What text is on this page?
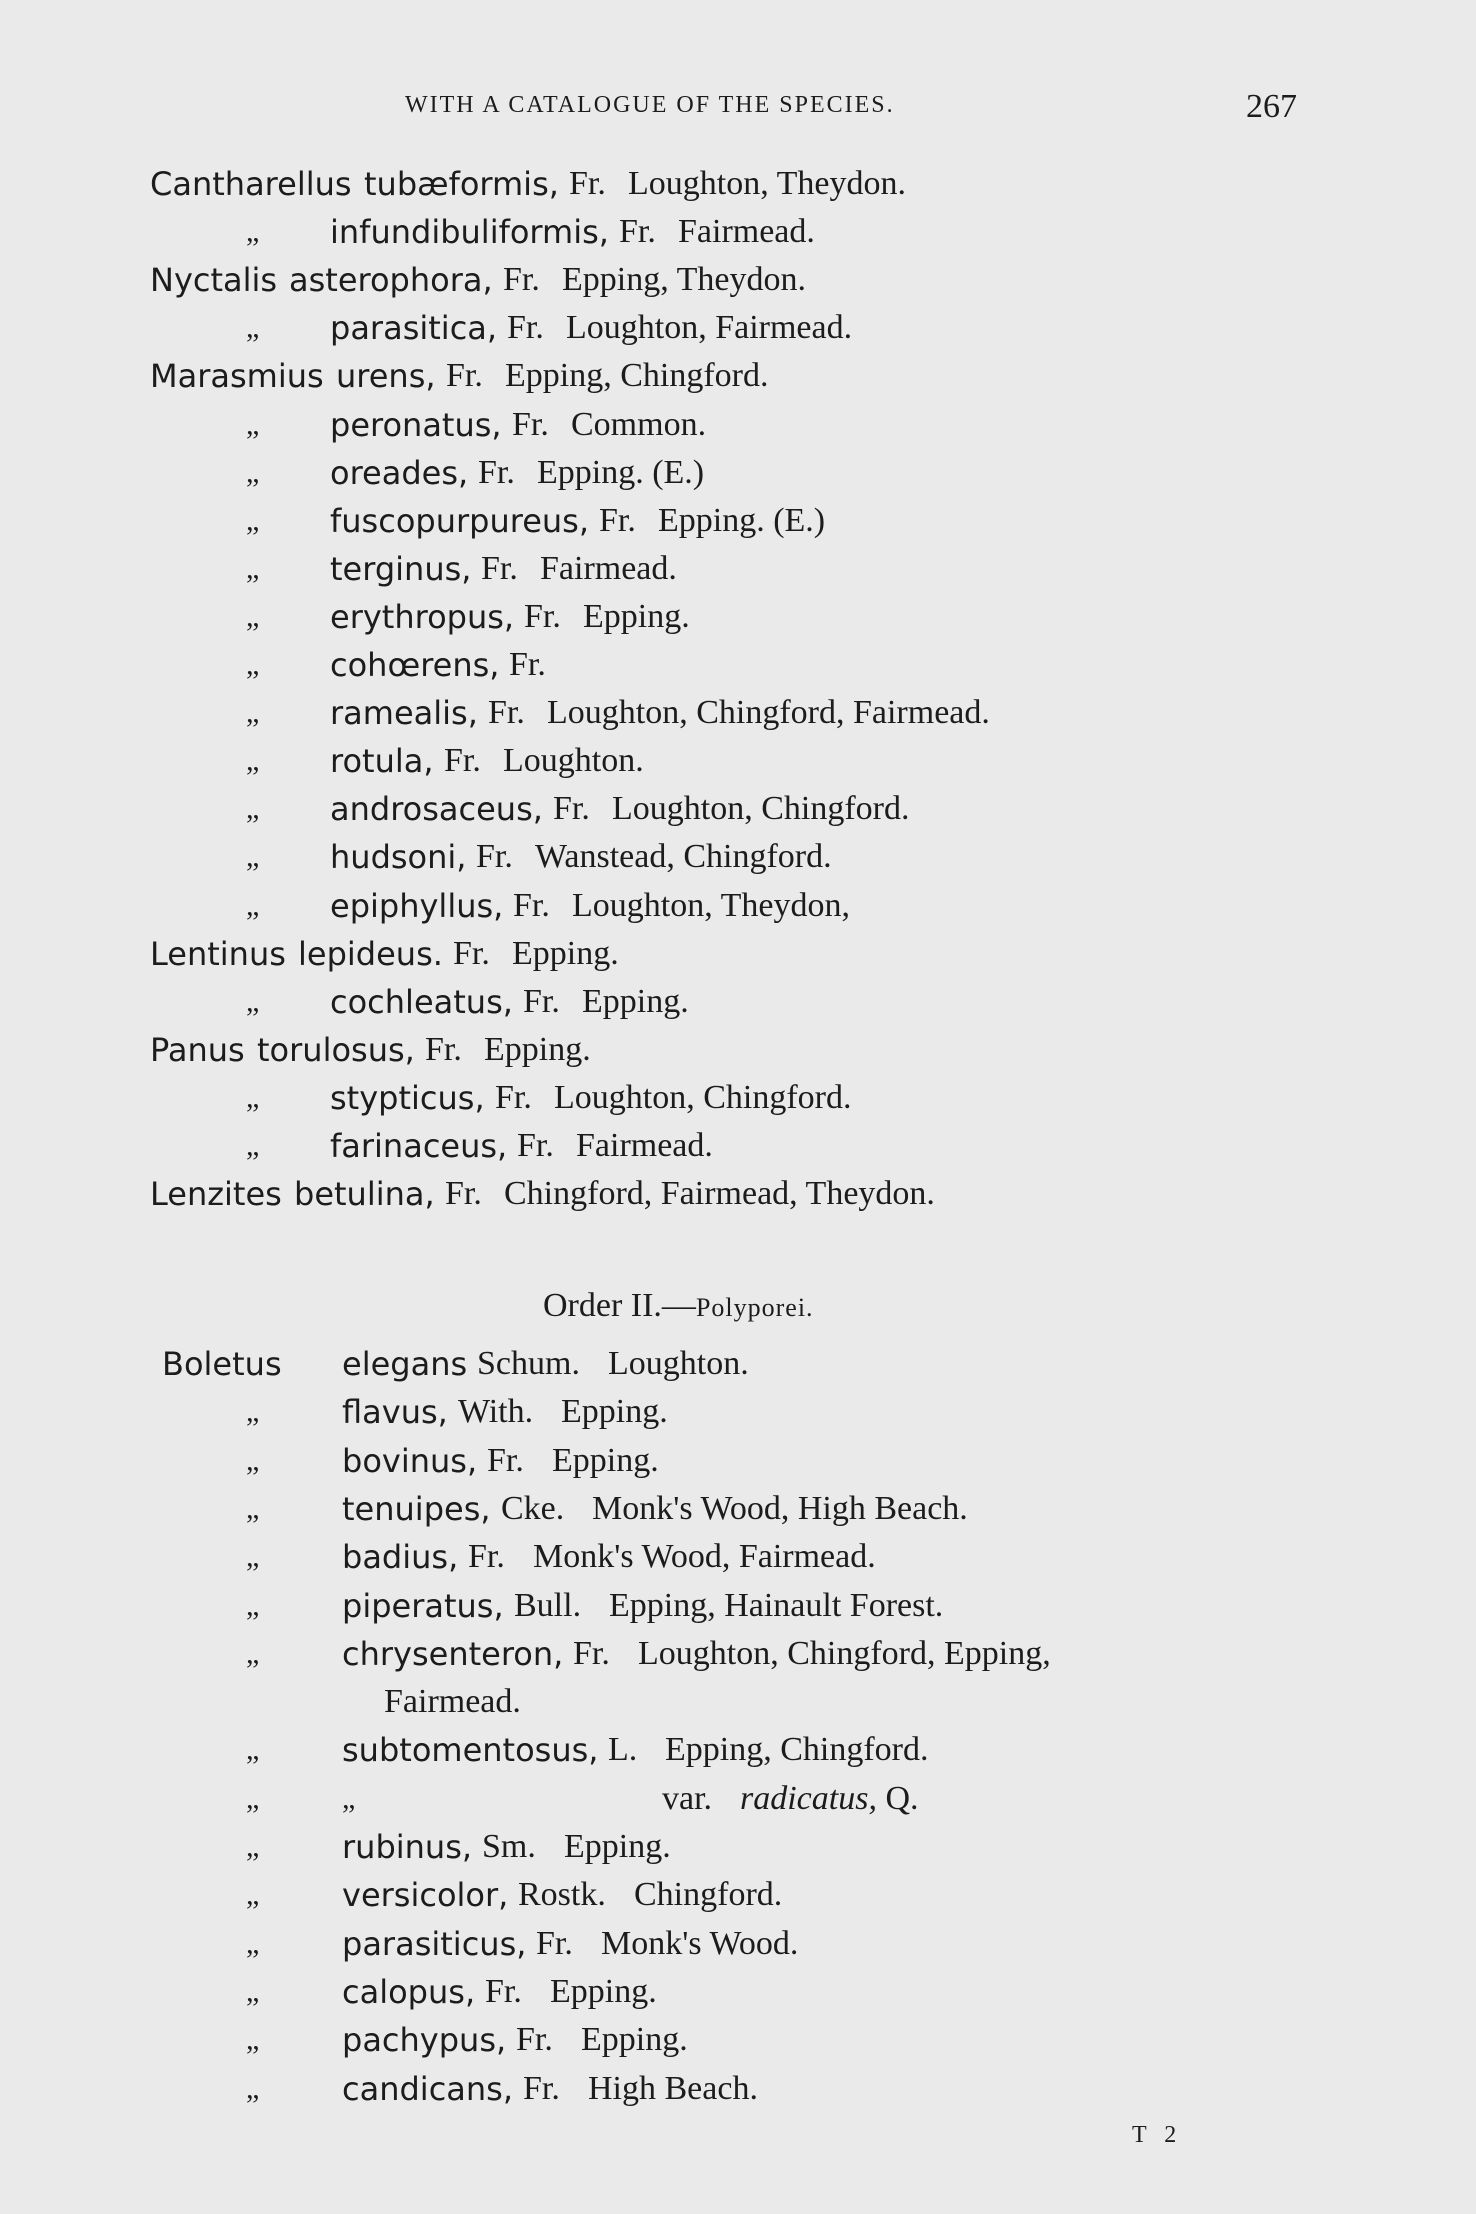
WITH A CATALOGUE OF THE SPECIES.	267
Cantharellus tubæformis, Fr. Loughton, Theydon.
„ infundibuliformis, Fr. Fairmead.
Nyctalis asterophora, Fr. Epping, Theydon.
„ parasitica, Fr. Loughton, Fairmead.
Marasmius urens, Fr. Epping, Chingford.
„ peronatus, Fr. Common.
„ oreades, Fr. Epping. (E.)
„ fuscopurpureus, Fr. Epping. (E.)
„ terginus, Fr. Fairmead.
„ erythropus, Fr. Epping.
„ cohœrens, Fr.
„ ramealis, Fr. Loughton, Chingford, Fairmead.
„ rotula, Fr. Loughton.
„ androsaceus, Fr. Loughton, Chingford.
„ hudsoni, Fr. Wanstead, Chingford.
„ epiphyllus, Fr. Loughton, Theydon,
Lentinus lepideus. Fr. Epping.
„ cochleatus, Fr. Epping.
Panus torulosus, Fr. Epping.
„ stypticus, Fr. Loughton, Chingford.
„ farinaceus, Fr. Fairmead.
Lenzites betulina, Fr. Chingford, Fairmead, Theydon.
Order II.—Polyporei.
Boletus elegans Schum. Loughton.
„	flavus, With. Epping.
„	bovinus, Fr. Epping.
„	tenuipes, Cke. Monk's Wood, High Beach.
„	badius, Fr. Monk's Wood, Fairmead.
„	piperatus, Bull. Epping, Hainault Forest.
„	chrysenteron, Fr. Loughton, Chingford, Epping,
Fairmead.
„	subtomentosus, L. Epping, Chingford.
„	„	var. radicatus, Q.
„	rubinus, Sm. Epping.
„	versicolor, Rostk. Chingford.
„	parasiticus, Fr. Monk's Wood.
„	calopus, Fr. Epping.
„	pachypus, Fr. Epping.
„	candicans, Fr. High Beach.
T 2
